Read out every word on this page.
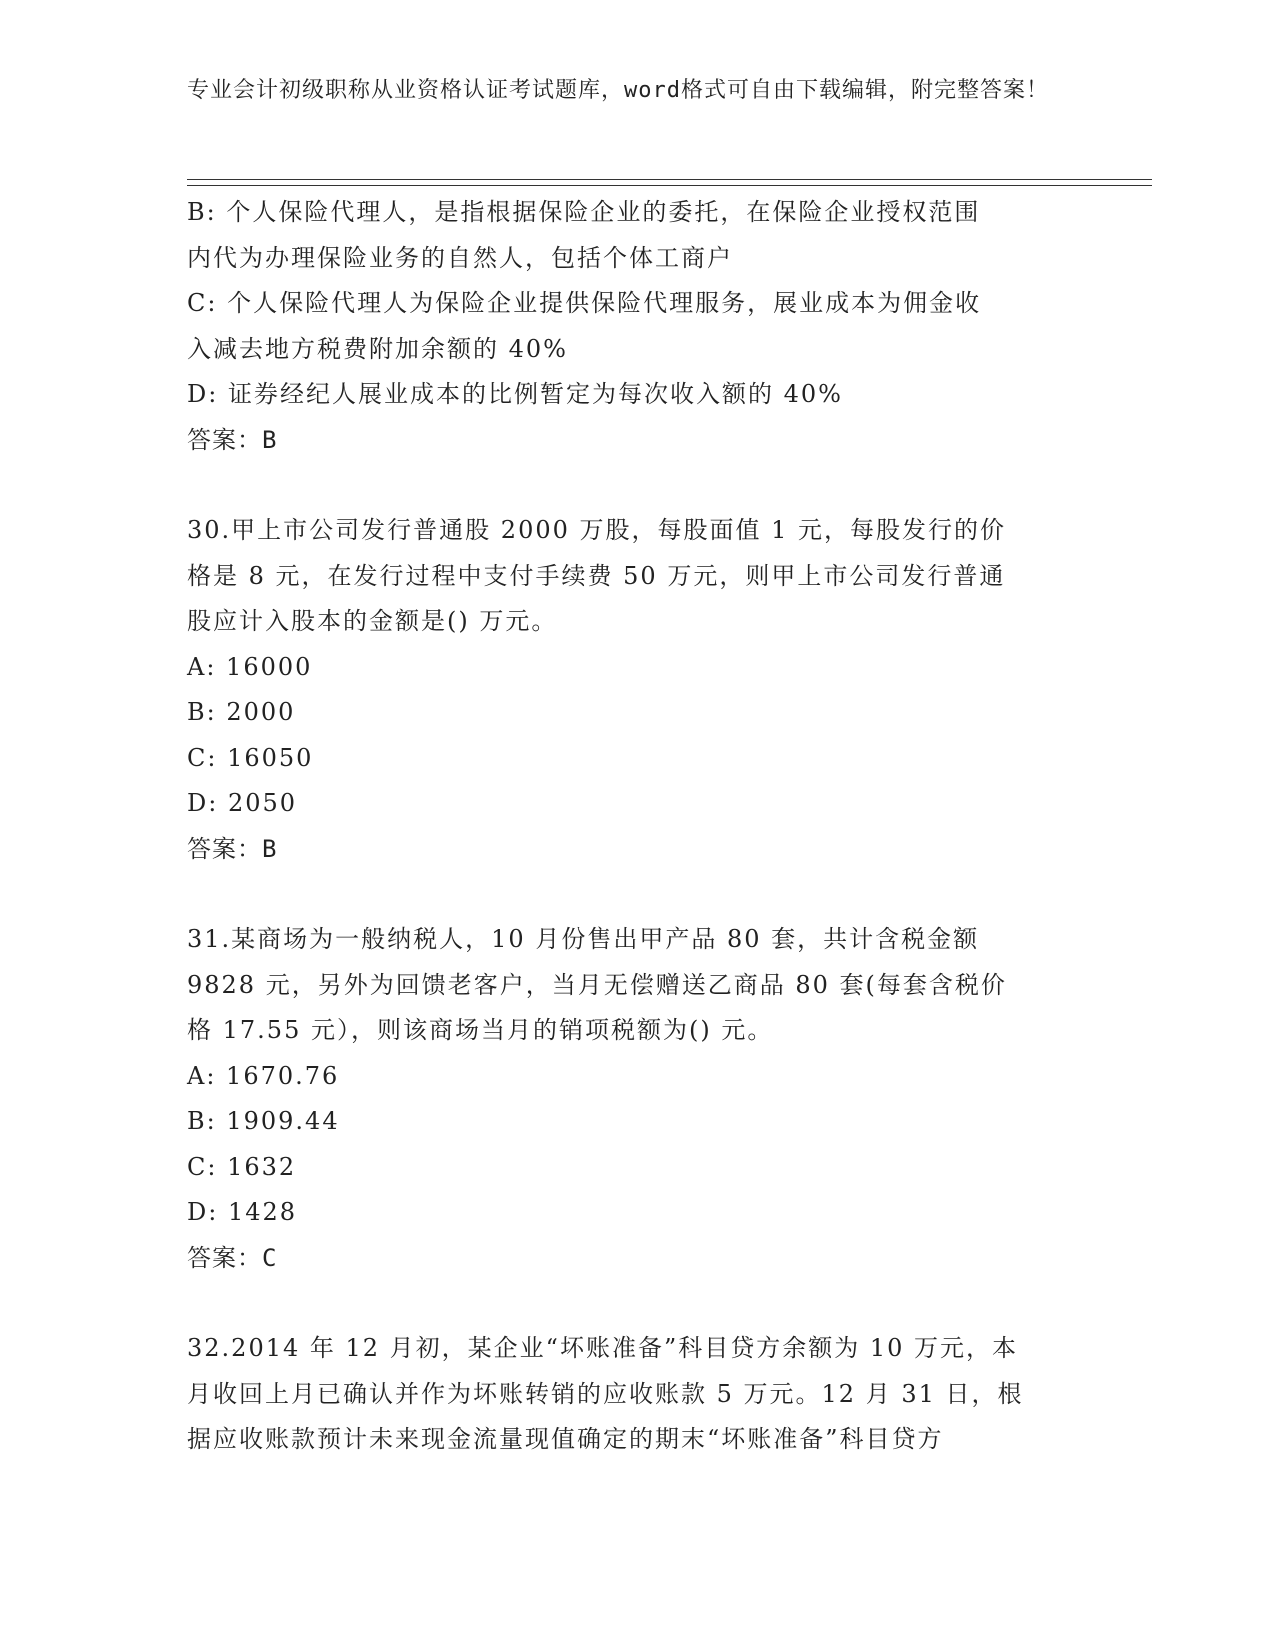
专业会计初级职称从业资格认证考试题库，word格式可自由下载编辑，附完整答案！
B: 个人保险代理人，是指根据保险企业的委托，在保险企业授权范围
内代为办理保险业务的自然人，包括个体工商户
C: 个人保险代理人为保险企业提供保险代理服务，展业成本为佣金收
入减去地方税费附加余额的 40%
D: 证券经纪人展业成本的比例暂定为每次收入额的 40%
答案：B
30.甲上市公司发行普通股 2000 万股，每股面值 1 元，每股发行的价
格是 8 元，在发行过程中支付手续费 50 万元，则甲上市公司发行普通
股应计入股本的金额是() 万元。
A: 16000
B: 2000
C: 16050
D: 2050
答案：B
31.某商场为一般纳税人，10 月份售出甲产品 80 套，共计含税金额
9828 元，另外为回馈老客户，当月无偿赠送乙商品 80 套(每套含税价
格 17.55 元），则该商场当月的销项税额为() 元。
A: 1670.76
B: 1909.44
C: 1632
D: 1428
答案：C
32.2014 年 12 月初，某企业“坏账准备”科目贷方余额为 10 万元，本
月收回上月已确认并作为坏账转销的应收账款 5 万元。12 月 31 日，根
据应收账款预计未来现金流量现值确定的期末“坏账准备”科目贷方
